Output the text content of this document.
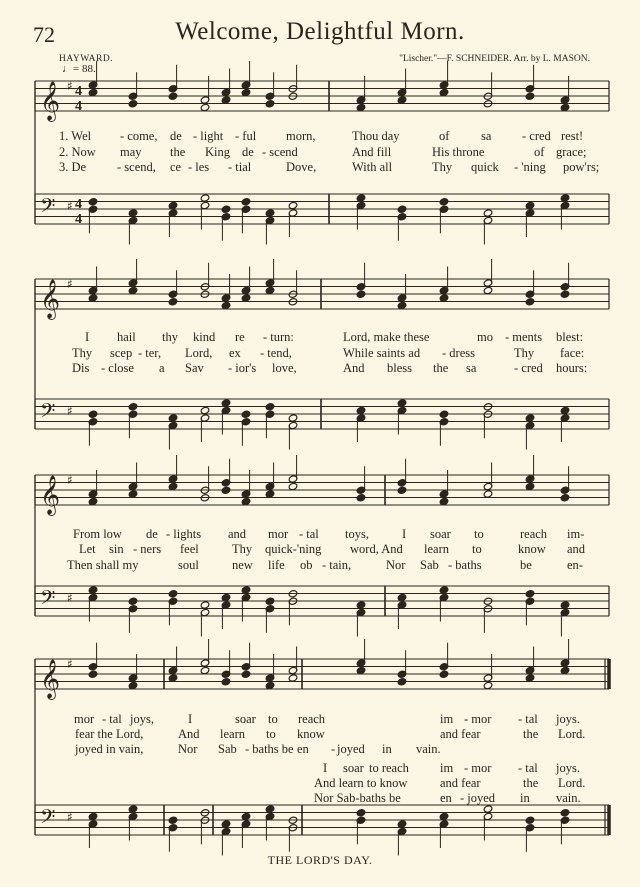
72	Welcome, Delightful Morn.
HAYWARD.
♩= 88.
"Lischer."—F. SCHNEIDER. Arr. by L. MASON.
𝄞 ♯ 4
4
𝄢 ♯ 4
4
𝄞 ♯
𝄢 ♯
𝄞 ♯
𝄢 ♯
𝄞 ♯
𝄢 ♯
1. Wel - come, de - light - ful morn,	Thou day	of	sa - cred rest!
2. Now may the King de - scend	And fill	His throne	of grace;
3. De - scend, ce - les - tial	Dove,	With all	Thy quick - 'ning pow'rs;
I hail thy kind re - turn:	Lord, make these	mo - ments blest:
Thy scep - ter, Lord, ex - tend,	While saints ad - dress	Thy face:
Dis - close a Sav - ior's love,	And bless the sa	- cred hours:
From low de - lights and mor - tal toys,	I soar to	reach im-
Let sin - ners feel	Thy quick-'ning word, And learn to	know and
Then shall my	soul	new life ob - tain,	Nor Sab - baths	be	en-
mor - tal joys,	I	soar to reach	im - mor - tal joys.
fear the Lord,	And learn to know	and fear	the Lord.
joyed in vain,	Nor Sab - baths be en - joyed in vain.
I soar to reach im - mor - tal joys.
And learn to know	and fear	the Lord.
Nor Sab-baths be	en - joyed in vain.
THE LORD'S DAY.
